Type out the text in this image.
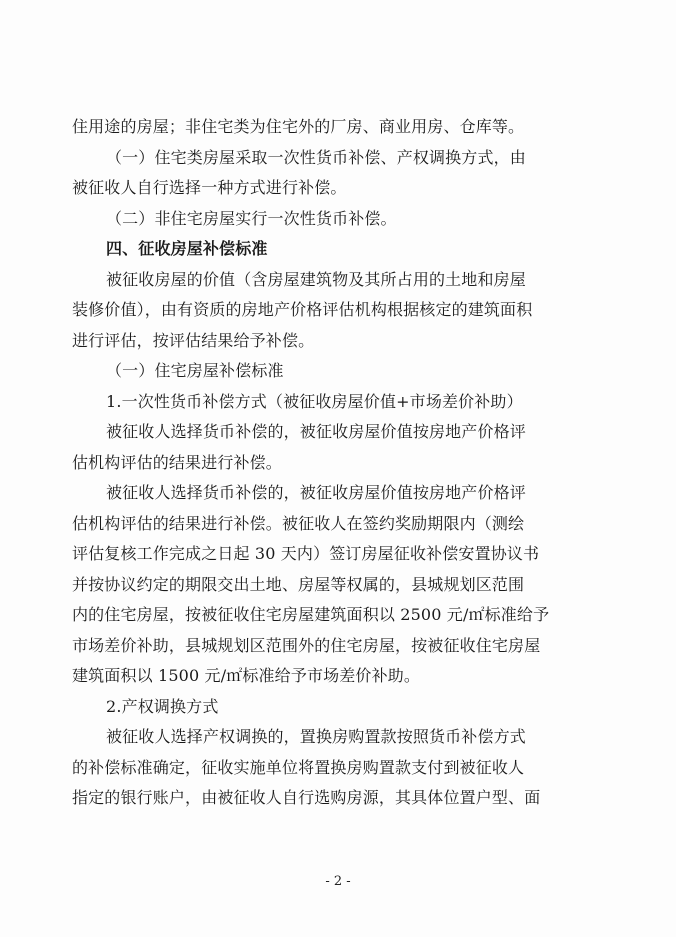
住用途的房屋；非住宅类为住宅外的厂房、商业用房、仓库等。
（一）住宅类房屋采取一次性货币补偿、产权调换方式，由
被征收人自行选择一种方式进行补偿。
（二）非住宅房屋实行一次性货币补偿。
四、征收房屋补偿标准
被征收房屋的价值（含房屋建筑物及其所占用的土地和房屋
装修价值），由有资质的房地产价格评估机构根据核定的建筑面积
进行评估，按评估结果给予补偿。
（一）住宅房屋补偿标准
1.一次性货币补偿方式（被征收房屋价值+市场差价补助）
被征收人选择货币补偿的，被征收房屋价值按房地产价格评
估机构评估的结果进行补偿。
被征收人选择货币补偿的，被征收房屋价值按房地产价格评
估机构评估的结果进行补偿。被征收人在签约奖励期限内（测绘
评估复核工作完成之日起 30 天内）签订房屋征收补偿安置协议书
并按协议约定的期限交出土地、房屋等权属的，县城规划区范围
内的住宅房屋，按被征收住宅房屋建筑面积以 2500 元/㎡标准给予
市场差价补助，县城规划区范围外的住宅房屋，按被征收住宅房屋
建筑面积以 1500 元/㎡标准给予市场差价补助。
2.产权调换方式
被征收人选择产权调换的，置换房购置款按照货币补偿方式
的补偿标准确定，征收实施单位将置换房购置款支付到被征收人
指定的银行账户，由被征收人自行选购房源，其具体位置户型、面
- 2 -
